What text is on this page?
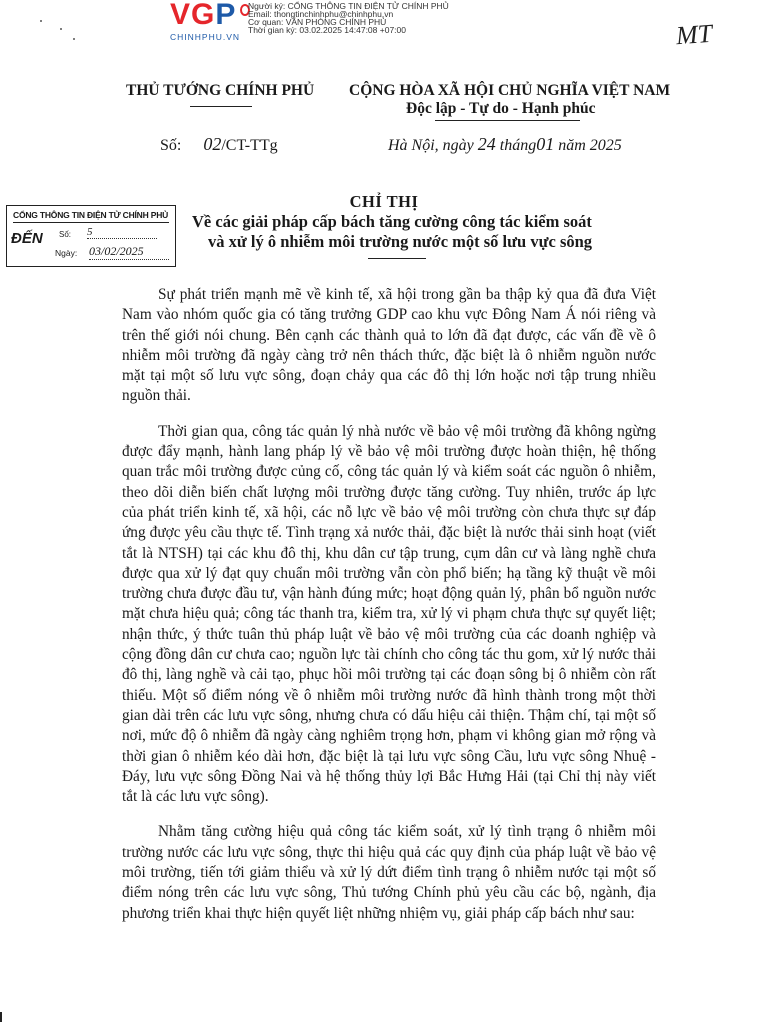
VGP
CHINHPHU.VN
Người ký: CỔNG THÔNG TIN ĐIỆN TỬ CHÍNH PHỦ
Email: thongtinchinhphu@chinhphu.vn
Cơ quan: VĂN PHÒNG CHÍNH PHỦ
Thời gian ký: 03.02.2025 14:47:08 +07:00	MT
THỦ TƯỚNG CHÍNH PHỦ CỘNG HÒA XÃ HỘI CHỦ NGHĨA VIỆT NAM
Độc lập - Tự do - Hạnh phúc
Số: 02/CT-TTg	Hà Nội, ngày 24 tháng01 năm 2025
CHỈ THỊ
Về các giải pháp cấp bách tăng cường công tác kiểm soát
và xử lý ô nhiễm môi trường nước một số lưu vực sông
CỔNG THÔNG TIN ĐIỆN TỬ CHÍNH PHỦ
ĐẾN Số: 5
Ngày: 03/02/2025

Sự phát triển mạnh mẽ về kinh tế, xã hội trong gần ba thập kỷ qua đã đưa Việt Nam vào nhóm quốc gia có tăng trưởng GDP cao khu vực Đông Nam Á nói riêng và trên thế giới nói chung. Bên cạnh các thành quả to lớn đã đạt được, các vấn đề về ô nhiễm môi trường đã ngày càng trở nên thách thức, đặc biệt là ô nhiễm nguồn nước mặt tại một số lưu vực sông, đoạn chảy qua các đô thị lớn hoặc nơi tập trung nhiều nguồn thải.

Thời gian qua, công tác quản lý nhà nước về bảo vệ môi trường đã không ngừng được đẩy mạnh, hành lang pháp lý về bảo vệ môi trường được hoàn thiện, hệ thống quan trắc môi trường được củng cố, công tác quản lý và kiểm soát các nguồn ô nhiễm, theo dõi diễn biến chất lượng môi trường được tăng cường. Tuy nhiên, trước áp lực của phát triển kinh tế, xã hội, các nỗ lực về bảo vệ môi trường còn chưa thực sự đáp ứng được yêu cầu thực tế. Tình trạng xả nước thải, đặc biệt là nước thải sinh hoạt (viết tắt là NTSH) tại các khu đô thị, khu dân cư tập trung, cụm dân cư và làng nghề chưa được qua xử lý đạt quy chuẩn môi trường vẫn còn phổ biến; hạ tầng kỹ thuật về môi trường chưa được đầu tư, vận hành đúng mức; hoạt động quản lý, phân bổ nguồn nước mặt chưa hiệu quả; công tác thanh tra, kiểm tra, xử lý vi phạm chưa thực sự quyết liệt; nhận thức, ý thức tuân thủ pháp luật về bảo vệ môi trường của các doanh nghiệp và cộng đồng dân cư chưa cao; nguồn lực tài chính cho công tác thu gom, xử lý nước thải đô thị, làng nghề và cải tạo, phục hồi môi trường tại các đoạn sông bị ô nhiễm còn rất thiếu. Một số điểm nóng về ô nhiễm môi trường nước đã hình thành trong một thời gian dài trên các lưu vực sông, nhưng chưa có dấu hiệu cải thiện. Thậm chí, tại một số nơi, mức độ ô nhiễm đã ngày càng nghiêm trọng hơn, phạm vi không gian mở rộng và thời gian ô nhiễm kéo dài hơn, đặc biệt là tại lưu vực sông Cầu, lưu vực sông Nhuệ - Đáy, lưu vực sông Đồng Nai và hệ thống thủy lợi Bắc Hưng Hải (tại Chỉ thị này viết tắt là các lưu vực sông).

Nhằm tăng cường hiệu quả công tác kiểm soát, xử lý tình trạng ô nhiễm môi trường nước các lưu vực sông, thực thi hiệu quả các quy định của pháp luật về bảo vệ môi trường, tiến tới giảm thiểu và xử lý dứt điểm tình trạng ô nhiễm nước tại một số điểm nóng trên các lưu vực sông, Thủ tướng Chính phủ yêu cầu các bộ, ngành, địa phương triển khai thực hiện quyết liệt những nhiệm vụ, giải pháp cấp bách như sau:
